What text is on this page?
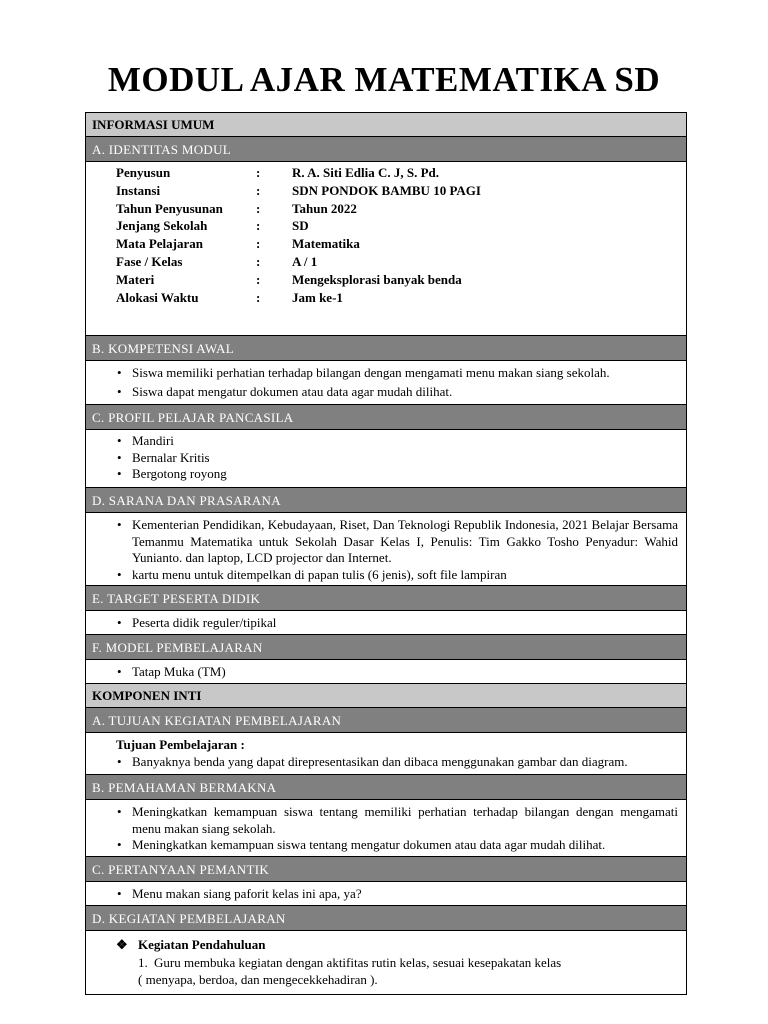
MODUL AJAR MATEMATIKA SD
INFORMASI UMUM
A. IDENTITAS MODUL
Penyusun	:	R. A. Siti Edlia C. J, S. Pd.
Instansi	:	SDN PONDOK BAMBU 10 PAGI
Tahun Penyusunan	:	Tahun 2022
Jenjang Sekolah	:	SD
Mata Pelajaran	:	Matematika
Fase / Kelas	:	A / 1
Materi	:	Mengeksplorasi banyak benda
Alokasi Waktu	:	Jam ke-1
B. KOMPETENSI AWAL
• Siswa memiliki perhatian terhadap bilangan dengan mengamati menu makan siang sekolah.
• Siswa dapat mengatur dokumen atau data agar mudah dilihat.
C. PROFIL PELAJAR PANCASILA
• Mandiri
• Bernalar Kritis
• Bergotong royong
D. SARANA DAN PRASARANA
• Kementerian Pendidikan, Kebudayaan, Riset, Dan Teknologi Republik Indonesia, 2021 Belajar Bersama Temanmu Matematika untuk Sekolah Dasar Kelas I, Penulis: Tim Gakko Tosho Penyadur: Wahid Yunianto. dan laptop, LCD projector dan Internet.
• kartu menu untuk ditempelkan di papan tulis (6 jenis), soft file lampiran
E. TARGET PESERTA DIDIK
• Peserta didik reguler/tipikal
F. MODEL PEMBELAJARAN
• Tatap Muka (TM)
KOMPONEN INTI
A. TUJUAN KEGIATAN PEMBELAJARAN
Tujuan Pembelajaran :
• Banyaknya benda yang dapat direpresentasikan dan dibaca menggunakan gambar dan diagram.
B. PEMAHAMAN BERMAKNA
• Meningkatkan kemampuan siswa tentang memiliki perhatian terhadap bilangan dengan mengamati menu makan siang sekolah.
• Meningkatkan kemampuan siswa tentang mengatur dokumen atau data agar mudah dilihat.
C. PERTANYAAN PEMANTIK
• Menu makan siang paforit kelas ini apa, ya?
D. KEGIATAN PEMBELAJARAN
❖ Kegiatan Pendahuluan
1. Guru membuka kegiatan dengan aktifitas rutin kelas, sesuai kesepakatan kelas
( menyapa, berdoa, dan mengecekkehadiran ).
